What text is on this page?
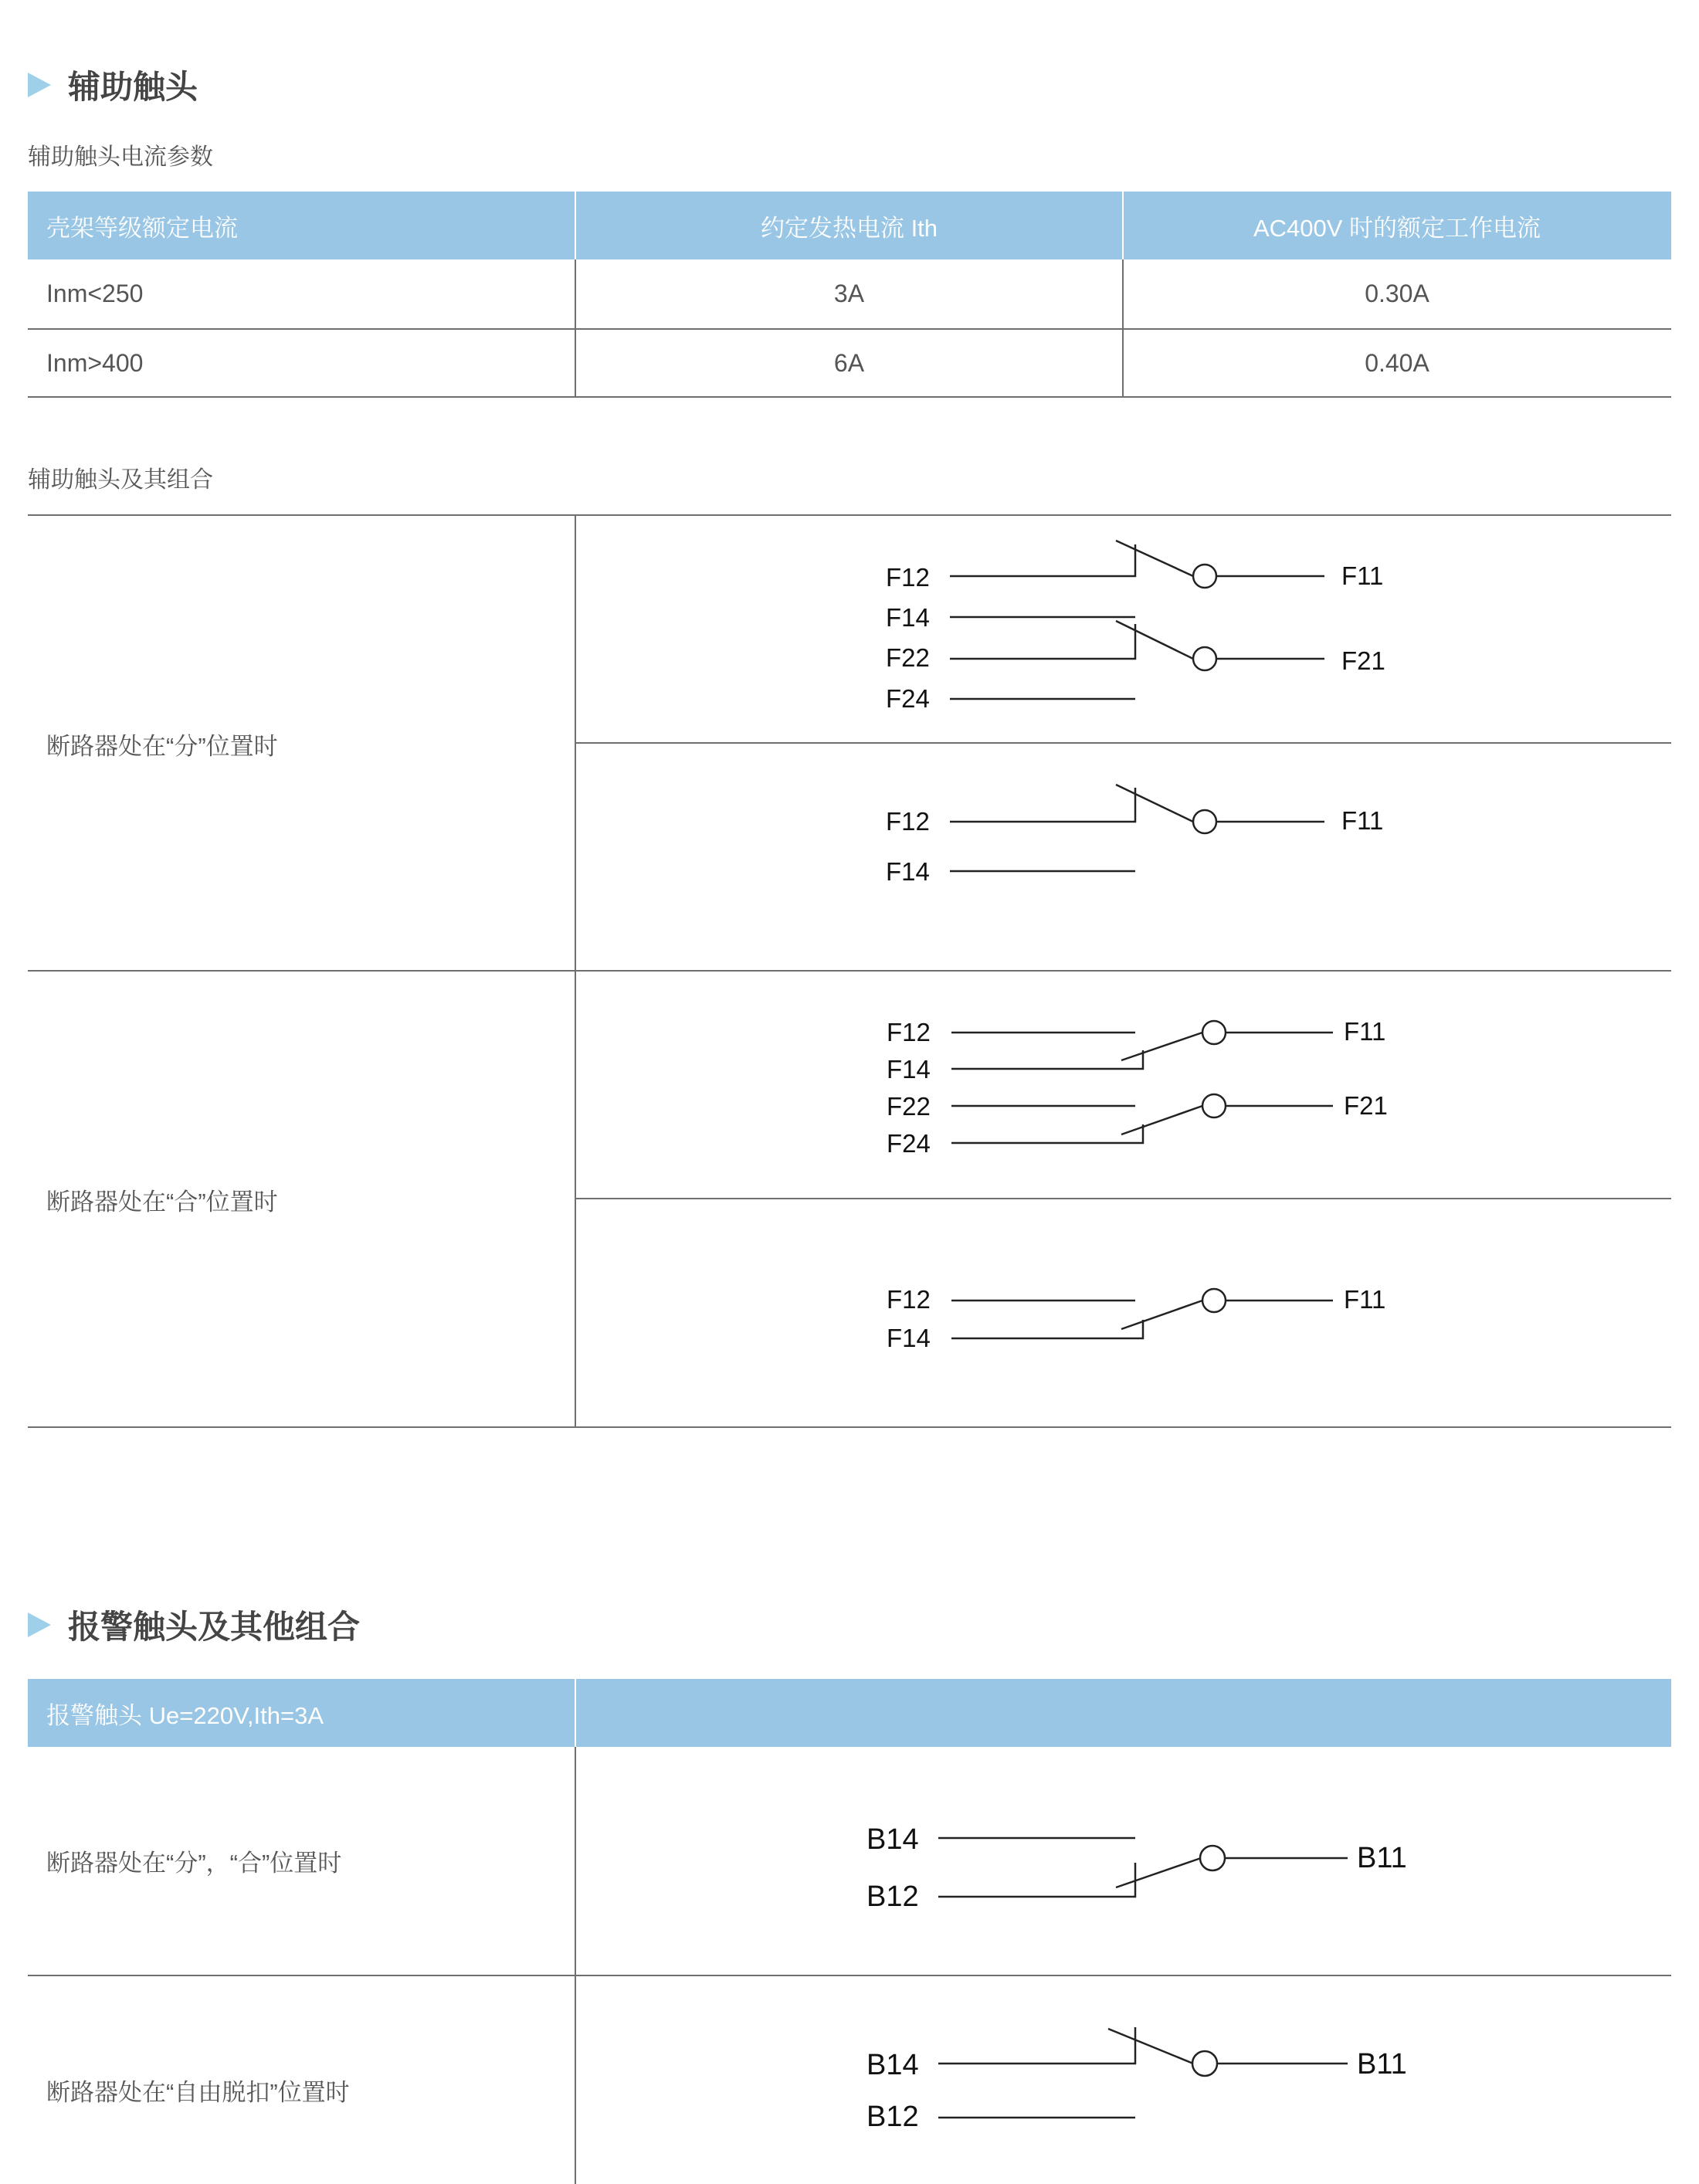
辅助触头
辅助触头电流参数
壳架等级额定电流	约定发热电流 Ith	AC400V 时的额定工作电流
Inm<250	3A	0.30A
Inm>400	6A	0.40A
辅助触头及其组合
断路器处在“分”位置时
断路器处在“合”位置时
报警触头及其他组合
报警触头 Ue=220V,Ith=3A
断路器处在“分”，“合”位置时
断路器处在“自由脱扣”位置时
F12
F14
F22
F24
F11
F21
F12
F14
F11
F12
F14
F22
F24
F11
F21
F12
F14
F11
B14
B12
B11
B14
B12
B11
